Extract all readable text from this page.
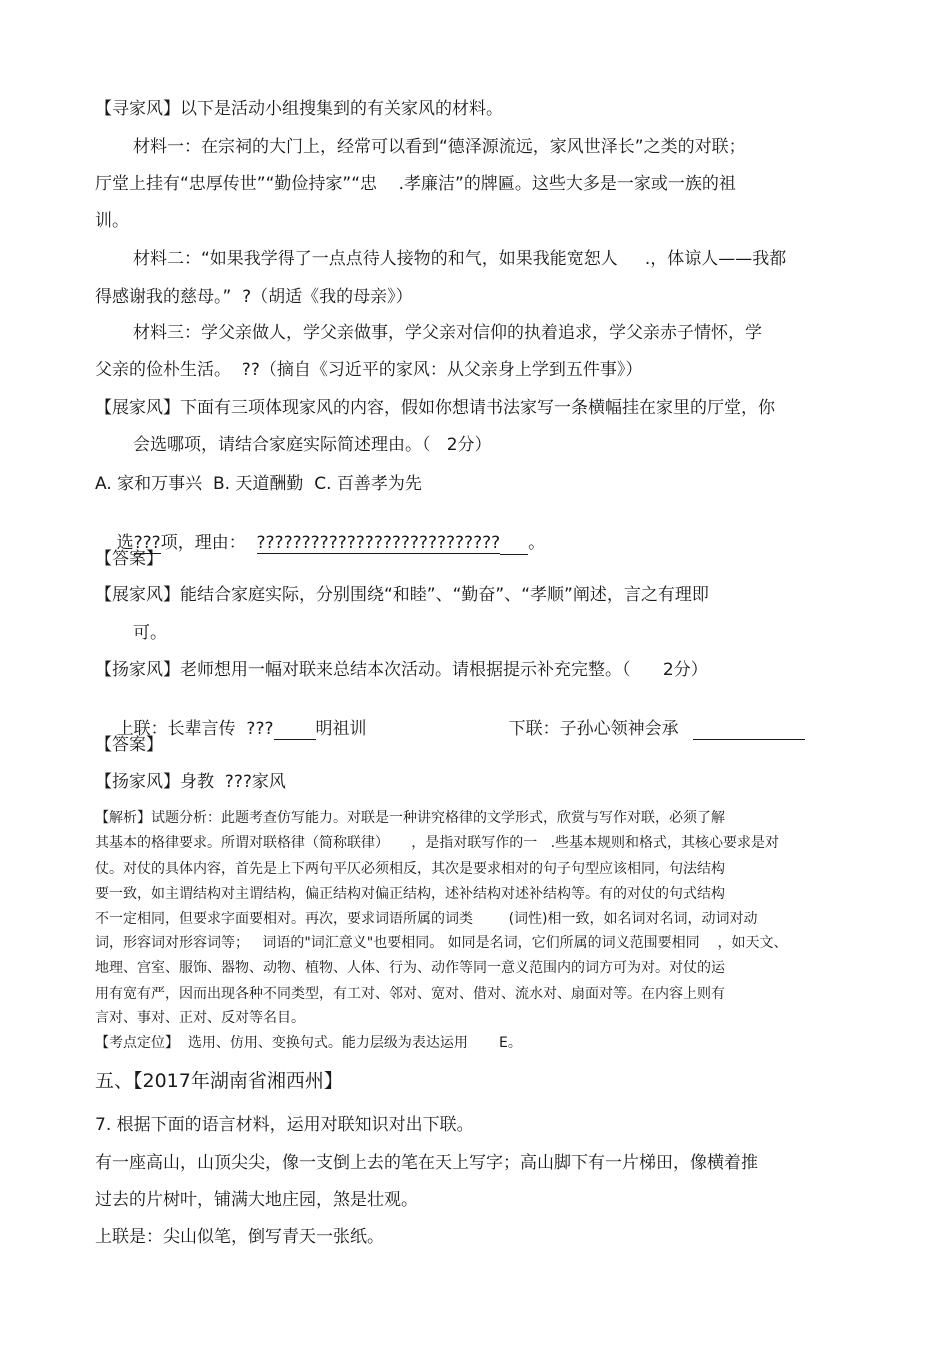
【寻家风】以下是活动小组搜集到的有关家风的材料。
材料一：在宗祠的大门上，经常可以看到“德泽源流远，家风世泽长”之类的对联；
厅堂上挂有“忠厚传世”“勤俭持家”“忠    .孝廉洁”的牌匾。这些大多是一家或一族的祖
训。
材料二：“如果我学得了一点点待人接物的和气，如果我能宽恕人     .，体谅人——我都
得感谢我的慈母。”  ?（胡适《我的母亲》）
材料三：学父亲做人，学父亲做事，学父亲对信仰的执着追求，学父亲赤子情怀，学
父亲的俭朴生活。  ??（摘自《习近平的家风：从父亲身上学到五件事》）
【展家风】下面有三项体现家风的内容，假如你想请书法家写一条横幅挂在家里的厅堂，你
会选哪项，请结合家庭实际简述理由。（   2分）
A. 家和万事兴  B. 天道酬勤  C. 百善孝为先

选???项，理由：  ??????????????????????????? 。

【答案】
【展家风】能结合家庭实际，分别围绕“和睦”、“勤奋”、“孝顺”阐述，言之有理即
可。
【扬家风】老师想用一幅对联来总结本次活动。请根据提示补充完整。（      2分）

上联：长辈言传  ??? 明祖训
	下联：子孙心领神会承

【答案】
【扬家风】身教  ???家风
【解析】试题分析：此题考查仿写能力。对联是一种讲究格律的文学形式，欣赏与写作对联，必须了解
其基本的格律要求。所谓对联格律（简称联律）     ，是指对联写作的一   .些基本规则和格式，其核心要求是对
仗。对仗的具体内容，首先是上下两句平仄必须相反，其次是要求相对的句子句型应该相同，句法结构
要一致，如主谓结构对主谓结构，偏正结构对偏正结构，述补结构对述补结构等。有的对仗的句式结构
不一定相同，但要求字面要相对。再次，要求词语所属的词类        (词性)相一致，如名词对名词，动词对动
词，形容词对形容词等；   词语的"词汇意义"也要相同。 如同是名词，它们所属的词义范围要相同    ，如天文、
地理、宫室、服饰、器物、动物、植物、人体、行为、动作等同一意义范围内的词方可为对。对仗的运
用有宽有严，因而出现各种不同类型，有工对、邻对、宽对、借对、流水对、扇面对等。在内容上则有
言对、事对、正对、反对等名目。
【考点定位】  选用、仿用、变换句式。能力层级为表达运用       E。
五、【2017年湖南省湘西州】
7. 根据下面的语言材料，运用对联知识对出下联。
有一座高山，山顶尖尖，像一支倒上去的笔在天上写字；高山脚下有一片梯田，像横着推
过去的片树叶，铺满大地庄园，煞是壮观。
上联是：尖山似笔，倒写青天一张纸。
